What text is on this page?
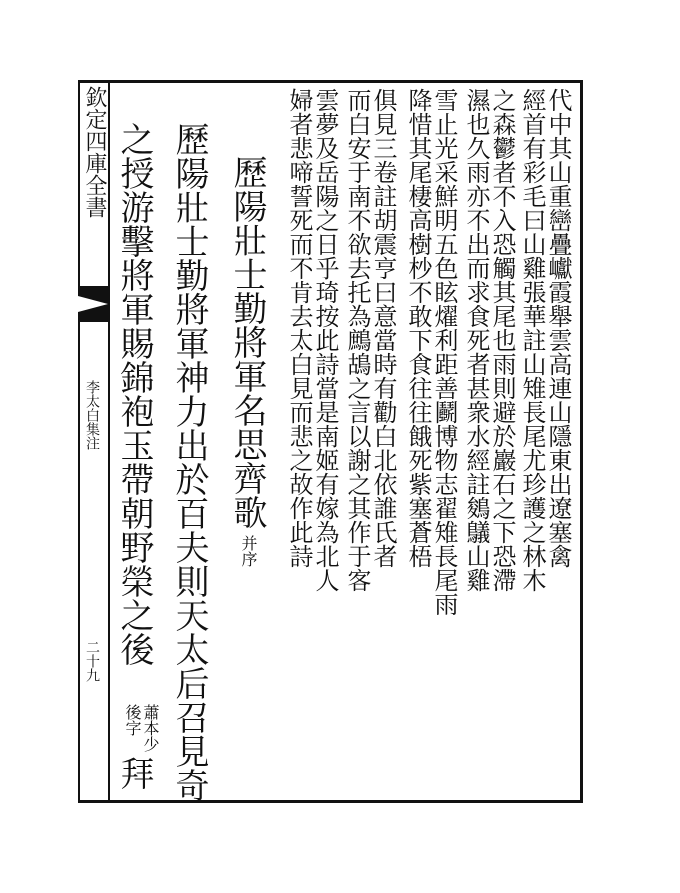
欽定四庫全書
李太白集注
二十九
代中其山重巒疊巘霞舉雲高連山隱東出遼塞禽
經首有彩毛曰山雞張華註山雉長尾尤珍護之林木
之森鬱者不入恐觸其尾也雨則避於巖石之下恐滯
濕也久雨亦不出而求食死者甚衆水經註鵕鸃山雞
雪止光采鮮明五色眩燿利距善鬬博物志翟雉長尾雨
降惜其尾棲高樹杪不敢下食往往餓死紫塞蒼梧
俱見三卷註胡震亨曰意當時有勸白北依誰氏者
而白安于南不欲去托為鷓鴣之言以謝之其作于客
雲夢及岳陽之日乎琦按此詩當是南姬有嫁為北人
婦者悲啼誓死而不肯去太白見而悲之故作此詩
歷陽壯士勤將軍名思齊歌
并序
歷陽壯士勤將軍神力出於百夫則天太后召見奇
之授游擊將軍賜錦袍玉帶朝野榮之後
蕭本少
後字
拜
